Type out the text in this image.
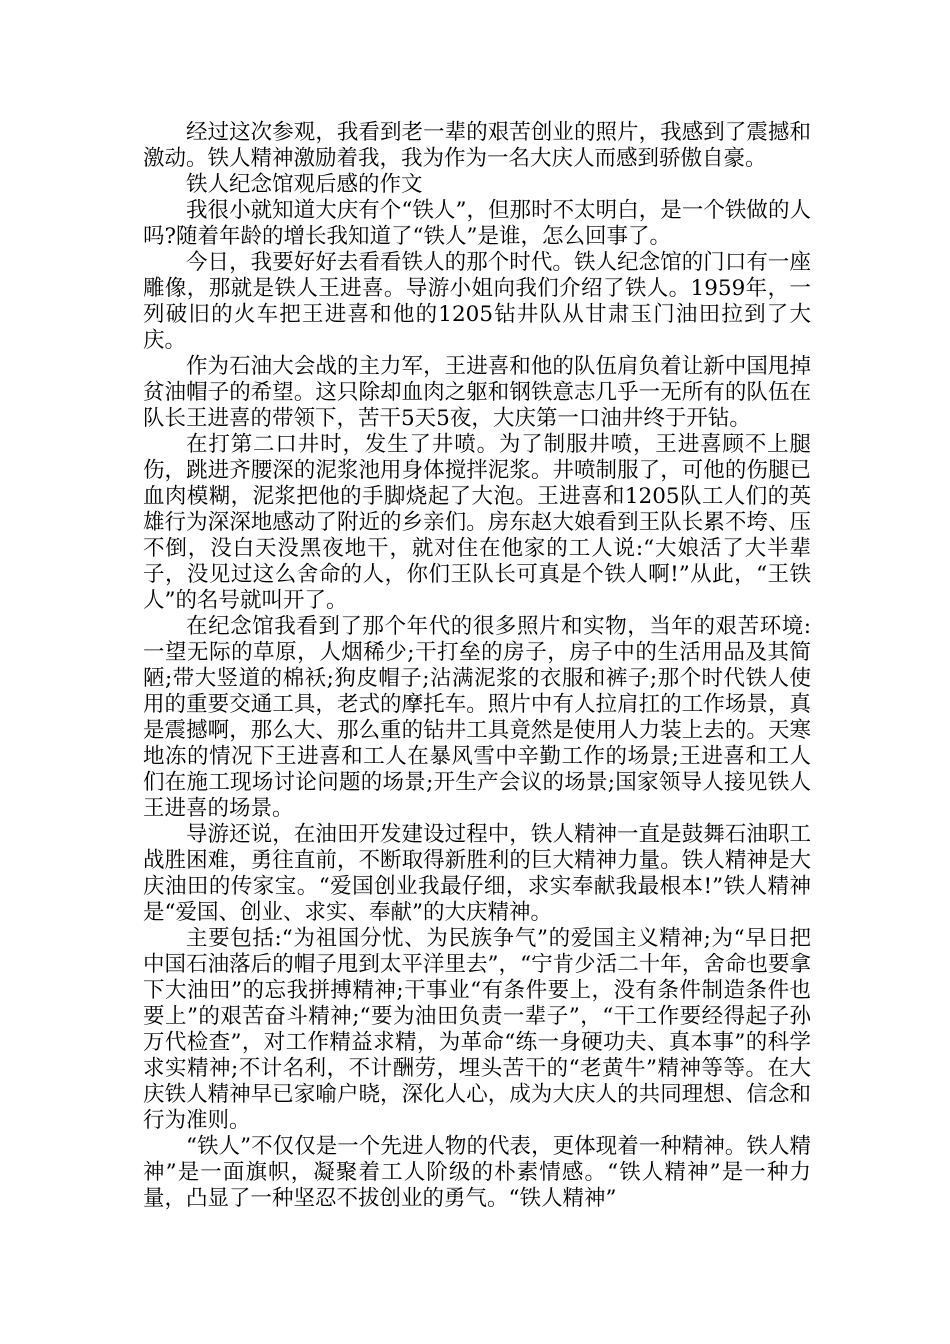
经过这次参观，我看到老一辈的艰苦创业的照片，我感到了震撼和激动。铁人精神激励着我，我为作为一名大庆人而感到骄傲自豪。

铁人纪念馆观后感的作文

我很小就知道大庆有个“铁人”，但那时不太明白，是一个铁做的人吗?随着年龄的增长我知道了“铁人”是谁，怎么回事了。

今日，我要好好去看看铁人的那个时代。铁人纪念馆的门口有一座雕像，那就是铁人王进喜。导游小姐向我们介绍了铁人。1959年，一列破旧的火车把王进喜和他的1205钻井队从甘肃玉门油田拉到了大庆。

作为石油大会战的主力军，王进喜和他的队伍肩负着让新中国甩掉贫油帽子的希望。这只除却血肉之躯和钢铁意志几乎一无所有的队伍在队长王进喜的带领下，苦干5天5夜，大庆第一口油井终于开钻。

在打第二口井时，发生了井喷。为了制服井喷，王进喜顾不上腿伤，跳进齐腰深的泥浆池用身体搅拌泥浆。井喷制服了，可他的伤腿已血肉模糊，泥浆把他的手脚烧起了大泡。王进喜和1205队工人们的英雄行为深深地感动了附近的乡亲们。房东赵大娘看到王队长累不垮、压不倒，没白天没黑夜地干，就对住在他家的工人说:“大娘活了大半辈子，没见过这么舍命的人，你们王队长可真是个铁人啊!”从此，“王铁人”的名号就叫开了。

在纪念馆我看到了那个年代的很多照片和实物，当年的艰苦环境:一望无际的草原，人烟稀少;干打垒的房子，房子中的生活用品及其简陋;带大竖道的棉袄;狗皮帽子;沾满泥浆的衣服和裤子;那个时代铁人使用的重要交通工具，老式的摩托车。照片中有人拉肩扛的工作场景，真是震撼啊，那么大、那么重的钻井工具竟然是使用人力装上去的。天寒地冻的情况下王进喜和工人在暴风雪中辛勤工作的场景;王进喜和工人们在施工现场讨论问题的场景;开生产会议的场景;国家领导人接见铁人王进喜的场景。

导游还说，在油田开发建设过程中，铁人精神一直是鼓舞石油职工战胜困难，勇往直前，不断取得新胜利的巨大精神力量。铁人精神是大庆油田的传家宝。“爱国创业我最仔细，求实奉献我最根本!”铁人精神是“爱国、创业、求实、奉献”的大庆精神。

主要包括:“为祖国分忧、为民族争气”的爱国主义精神;为“早日把中国石油落后的帽子甩到太平洋里去”，“宁肯少活二十年，舍命也要拿下大油田”的忘我拼搏精神;干事业“有条件要上，没有条件制造条件也要上”的艰苦奋斗精神;“要为油田负责一辈子”，“干工作要经得起子孙万代检查”，对工作精益求精，为革命“练一身硬功夫、真本事”的科学求实精神;不计名利，不计酬劳，埋头苦干的“老黄牛”精神等等。在大庆铁人精神早已家喻户晓，深化人心，成为大庆人的共同理想、信念和行为准则。

“铁人”不仅仅是一个先进人物的代表，更体现着一种精神。铁人精神”是一面旗帜，凝聚着工人阶级的朴素情感。“铁人精神”是一种力量，凸显了一种坚忍不拔创业的勇气。“铁人精神”
